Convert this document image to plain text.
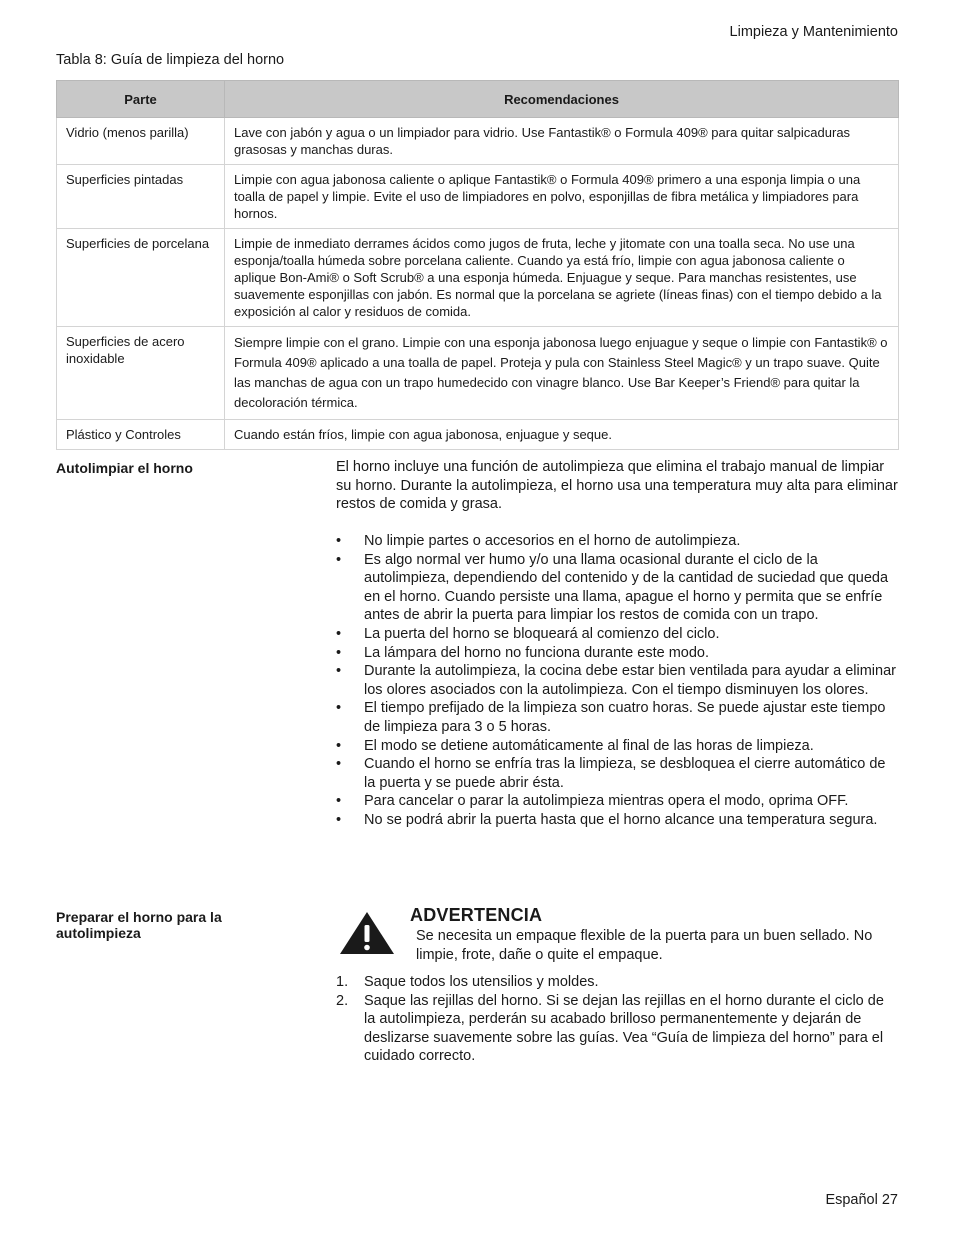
Limpieza y Mantenimiento
Tabla 8: Guía de limpieza del horno
Parte	Recomendaciones
Vidrio (menos parilla)	Lave con jabón y agua o un limpiador para vidrio. Use Fantastik® o Formula 409® para quitar salpicaduras grasosas y manchas duras.
Superficies pintadas	Limpie con agua jabonosa caliente o aplique Fantastik® o Formula 409® primero a una esponja limpia o una toalla de papel y limpie. Evite el uso de limpiadores en polvo, esponjillas de fibra metálica y limpiadores para hornos.
Superficies de porcelana	Limpie de inmediato derrames ácidos como jugos de fruta, leche y jitomate con una toalla seca. No use una esponja/toalla húmeda sobre porcelana caliente. Cuando ya está frío, limpie con agua jabonosa caliente o aplique Bon-Ami® o Soft Scrub® a una esponja húmeda. Enjuague y seque. Para manchas resistentes, use suavemente esponjillas con jabón. Es normal que la porcelana se agriete (líneas finas) con el tiempo debido a la exposición al calor y residuos de comida.
Superficies de acero inoxidable	Siempre limpie con el grano. Limpie con una esponja jabonosa luego enjuague y seque o limpie con Fantastik® o Formula 409® aplicado a una toalla de papel. Proteja y pula con Stainless Steel Magic® y un trapo suave. Quite las manchas de agua con un trapo humedecido con vinagre blanco. Use Bar Keeper’s Friend® para quitar la decoloración térmica.
Plástico y Controles	Cuando están fríos, limpie con agua jabonosa, enjuague y seque.
Autolimpiar el horno	El horno incluye una función de autolimpieza que elimina el trabajo manual de limpiar su horno. Durante la autolimpieza, el horno usa una temperatura muy alta para eliminar restos de comida y grasa.
• No limpie partes o accesorios en el horno de autolimpieza.
• Es algo normal ver humo y/o una llama ocasional durante el ciclo de la autolimpieza, dependiendo del contenido y de la cantidad de suciedad que queda en el horno. Cuando persiste una llama, apague el horno y permita que se enfríe antes de abrir la puerta para limpiar los restos de comida con un trapo.
• La puerta del horno se bloqueará al comienzo del ciclo.
• La lámpara del horno no funciona durante este modo.
• Durante la autolimpieza, la cocina debe estar bien ventilada para ayudar a eliminar los olores asociados con la autolimpieza. Con el tiempo disminuyen los olores.
• El tiempo prefijado de la limpieza son cuatro horas. Se puede ajustar este tiempo de limpieza para 3 o 5 horas.
• El modo se detiene automáticamente al final de las horas de limpieza.
• Cuando el horno se enfría tras la limpieza, se desbloquea el cierre automático de la puerta y se puede abrir ésta.
• Para cancelar o parar la autolimpieza mientras opera el modo, oprima OFF.
• No se podrá abrir la puerta hasta que el horno alcance una temperatura segura.
Preparar el horno para la autolimpieza
ADVERTENCIA
Se necesita un empaque flexible de la puerta para un buen sellado. No limpie, frote, dañe o quite el empaque.
1. Saque todos los utensilios y moldes.
2. Saque las rejillas del horno. Si se dejan las rejillas en el horno durante el ciclo de la autolimpieza, perderán su acabado brilloso permanentemente y dejarán de deslizarse suavemente sobre las guías. Vea “Guía de limpieza del horno” para el cuidado correcto.
Español 27
